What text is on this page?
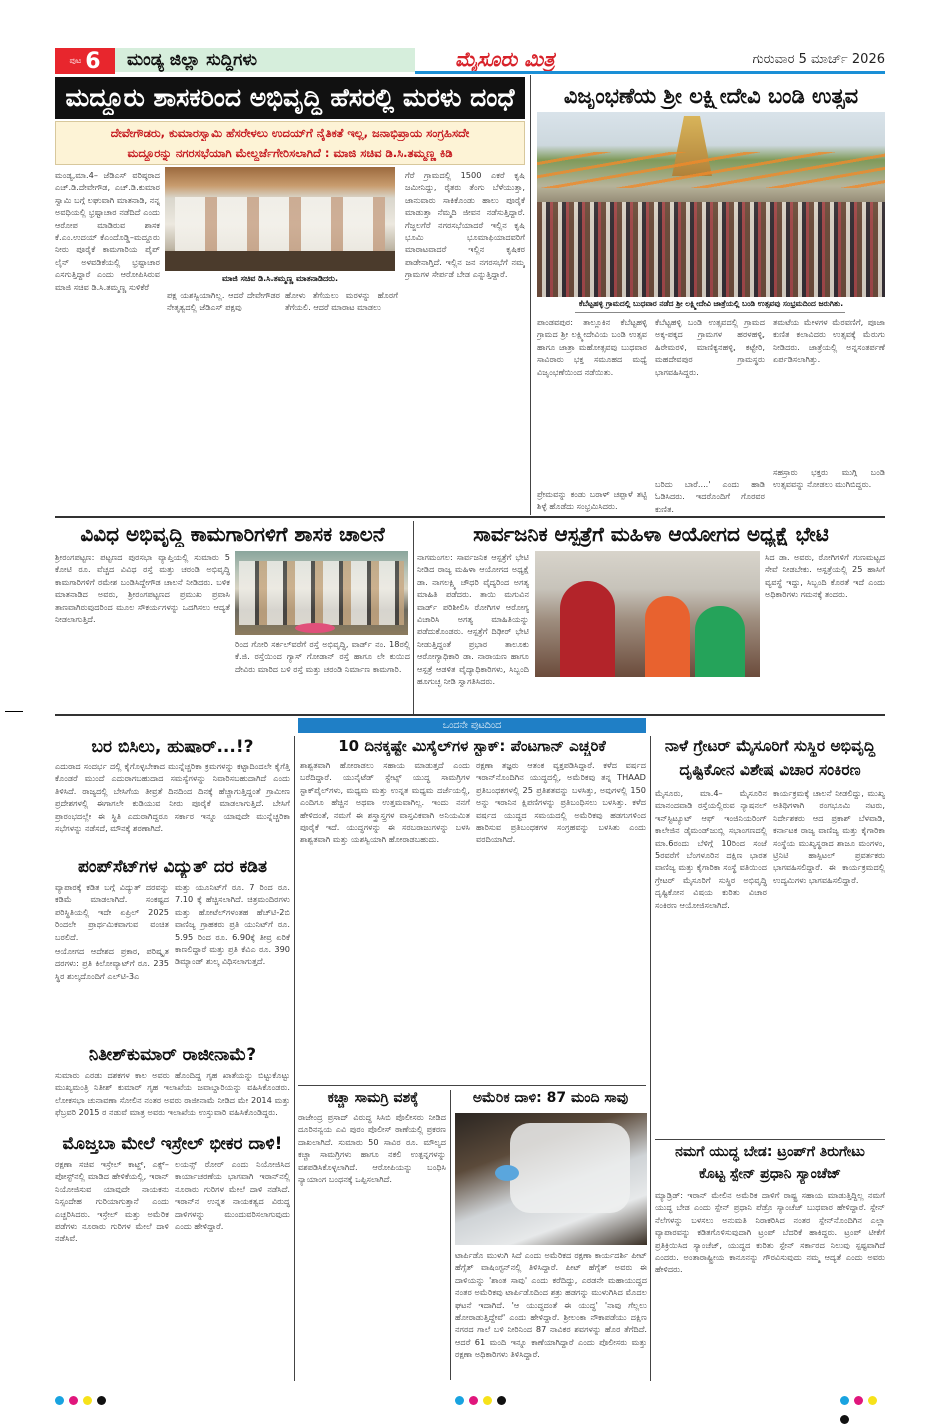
ಪುಟ 6	ಮಂಡ್ಯ ಜಿಲ್ಲಾ ಸುದ್ದಿಗಳು	ಮೈಸೂರು ಮಿತ್ರ	ಗುರುವಾರ 5 ಮಾರ್ಚ್ 2026
ಮದ್ದೂರು ಶಾಸಕರಿಂದ ಅಭಿವೃದ್ಧಿ ಹೆಸರಲ್ಲಿ ಮರಳು ದಂಧೆ
ದೇವೇಗೌಡರು, ಕುಮಾರಸ್ವಾಮಿ ಹೆಸರೇಳಲು ಉದಯ್‌ಗೆ ನೈತಿಕತೆ ಇಲ್ಲ, ಜನಾಭಿಪ್ರಾಯ ಸಂಗ್ರಹಿಸದೇ
ಮದ್ದೂರನ್ನು ನಗರಸಭೆಯಾಗಿ ಮೇಲ್ದರ್ಜೆಗೇರಿಸಲಾಗಿದೆ : ಮಾಜಿ ಸಚಿವ ಡಿ.ಸಿ.ತಮ್ಮಣ್ಣ ಕಿಡಿ

ಮಂಡ್ಯ,ಮಾ.4– ಜೆಡಿಎಸ್ ವರಿಷ್ಠರಾದ ಎಚ್.ಡಿ.ದೇವೇಗೌಡ, ಎಚ್.ಡಿ.ಕುಮಾರ ಸ್ವಾಮಿ ಬಗ್ಗೆ ಲಘುವಾಗಿ ಮಾತನಾಡಿ, ನನ್ನ ಅವಧಿಯಲ್ಲಿ ಭ್ರಷ್ಟಾಚಾರ ನಡೆದಿದೆ ಎಂದು ಆರೋಪ ಮಾಡಿರುವ ಶಾಸಕ ಕೆ.ಎಂ.ಉದಯ್ ಕೆಎಂದೊಡ್ಡಿ–ಮದ್ದೂರು ನೀರು ಪೂರೈಕೆ ಕಾಮಗಾರಿಯ ಪೈಪ್ ಲೈನ್ ಅಳವಡಿಕೆಯಲ್ಲಿ ಭ್ರಷ್ಟಾಚಾರ ಎಸಗುತ್ತಿದ್ದಾರೆ ಎಂದು ಆರೋಪಿಸಿರುವ ಮಾಜಿ ಸಚಿವ ಡಿ.ಸಿ.ತಮ್ಮಣ್ಣ ಸುಳಿಕೆರೆ

ಮಾಜಿ ಸಚಿವ ಡಿ.ಸಿ.ತಮ್ಮಣ್ಣ ಮಾತನಾಡಿದರು.

ಪಕ್ಷ ಯಶಸ್ವಿಯಾಗಿಲ್ಲ. ಆದರೆ ದೇವೇಗೌಡರ ನೇತೃತ್ವದಲ್ಲಿ ಜೆಡಿಎಸ್ ಪಕ್ಷವು

ಹೋಳು ತೆಗೆಯಲು ಮರಳನ್ನು ಹೊರಗೆ ತೆಗೆಯಲಿ. ಆದರೆ ಮಾರಾಟ ಮಾಡಲು

ಗೆರೆ ಗ್ರಾಮದಲ್ಲಿ 1500 ಎಕರೆ ಕೃಷಿ ಜಮೀನಿದ್ದು, ರೈತರು ತೆಂಗು ಬೆಳೆಯುತ್ತಾ, ಜಾನುವಾರು ಸಾಕಿಕೊಂಡು ಹಾಲು ಪೂರೈಕೆ ಮಾಡುತ್ತಾ ನೆಮ್ಮದಿ ಜೀವನ ನಡೆಸುತ್ತಿದ್ದಾರೆ. ಗೆಜ್ಜಲಗೆರೆ ನಗರಸಭೆಯಾದರೆ ಇಲ್ಲಿನ ಕೃಷಿ ಭೂಮಿ ಭೂಮಾಫಿಯಾದವರಿಗೆ ಮಾರಾಟವಾದರೆ ಇಲ್ಲಿನ ಕೃಷಿಕರ ಪಾಡೇನಾಗ್ತಿದೆ. ಇಲ್ಲಿನ ಜನ ನಗರಸಭೆಗೆ ನಮ್ಮ ಗ್ರಾಮಗಳ ಸೇರ್ಪಡೆ ಬೇಡ ಎನ್ನುತ್ತಿದ್ದಾರೆ.

ವಿಜೃಂಭಣೆಯ ಶ್ರೀ ಲಕ್ಷ್ಮೀದೇವಿ ಬಂಡಿ ಉತ್ಸವ
ಕೆಬೆಟ್ಟಹಳ್ಳಿ ಗ್ರಾಮದಲ್ಲಿ ಬುಧವಾರ ನಡೆದ ಶ್ರೀ ಲಕ್ಷ್ಮೀದೇವಿ ಜಾತ್ರೆಯಲ್ಲಿ ಬಂಡಿ ಉತ್ಸವವು ಸಂಭ್ರಮದಿಂದ ಜರುಗಿತು.

ಪಾಂಡವಪುರ: ತಾಲ್ಲೂಕಿನ ಕೆಬೆಟ್ಟಹಳ್ಳಿ ಗ್ರಾಮದ ಶ್ರೀ ಲಕ್ಷ್ಮೀದೇವಿಯ ಬಂಡಿ ಉತ್ಸವ ಹಾಗೂ ಜಾತ್ರಾ ಮಹೋತ್ಸವವು ಬುಧವಾರ ಸಾವಿರಾರು ಭಕ್ತ ಸಮೂಹದ ಮಧ್ಯೆ ವಿಜೃಂಭಣೆಯಿಂದ ನಡೆಯಿತು.

ಪ್ರೇಮವನ್ನು ಕಂಡು ಬರಾಳ್ ಚಪ್ಪಾಳೆ ತಟ್ಟಿ ಶಿಳ್ಳೆ ಹೊಡೆದು ಸಂಭ್ರಮಿಸಿದರು.

ಕೆಬೆಟ್ಟಹಳ್ಳಿ ಬಂಡಿ ಉತ್ಸವದಲ್ಲಿ ಗ್ರಾಮದ ಅಕ್ಕ-ಪಕ್ಕದ ಗ್ರಾಮಗಳ ಹರಳಹಳ್ಳಿ, ಹಿರೇಮರಳಿ, ಮಾಣಿಕ್ಯನಹಳ್ಳಿ, ಕಟ್ಟೇರಿ, ಮಹದೇವಪುರ ಗ್ರಾಮಸ್ಥರು ಭಾಗವಹಿಸಿದ್ದರು.

ಬರಿದು ಬಾರೆ....' ಎಂದು ಹಾಡಿ ಓಡಿಸಿದರು. ಇದರೊಂದಿಗೆ ಗೊರವರ ಕುಣಿತ.

ತಮಟೆಯ ಮೇಳಗಳ ಮೆರವಣಿಗೆ, ಪೂಜಾ ಕುಣಿತ ಕಲಾವಿದರು ಉತ್ಸವಕ್ಕೆ ಮೆರುಗು ನೀಡಿದರು. ಜಾತ್ರೆಯಲ್ಲಿ ಅನ್ನಸಂತರ್ಪಣೆ ಏರ್ಪಡಿಸಲಾಗಿತ್ತು.

ಸಹಸ್ರಾರು ಭಕ್ತರು ಮುಗ್ಗಿ ಬಂಡಿ ಉತ್ಸವವನ್ನು ನೋಡಲು ಮುಗಿಬಿದ್ದರು.

ವಿವಿಧ ಅಭಿವೃದ್ಧಿ ಕಾಮಗಾರಿಗಳಿಗೆ ಶಾಸಕ ಚಾಲನೆ

ಶ್ರೀರಂಗಪಟ್ಟಣ: ಪಟ್ಟಣದ ಪುರಸಭಾ ವ್ಯಾಪ್ತಿಯಲ್ಲಿ ಸುಮಾರು 5 ಕೋಟಿ ರೂ. ವೆಚ್ಚದ ವಿವಿಧ ರಸ್ತೆ ಮತ್ತು ಚರಂಡಿ ಅಭಿವೃದ್ಧಿ ಕಾಮಗಾರಿಗಳಿಗೆ ರಮೇಶ ಬಂಡಿಸಿದ್ದೇಗೌಡ ಚಾಲನೆ ನೀಡಿದರು. ಬಳಿಕ ಮಾತನಾಡಿದ ಅವರು, ಶ್ರೀರಂಗಪಟ್ಟಣದ ಪ್ರಮುಖ ಪ್ರವಾಸಿ ತಾಣವಾಗಿರುವುದರಿಂದ ಮೂಲ ಸೌಕರ್ಯಗಳನ್ನು ಒದಗಿಸಲು ಆದ್ಯತೆ ನೀಡಲಾಗುತ್ತಿದೆ.

ರಿಂದ ಗೋರಿ ಸರ್ಕಲ್‌ವರೆಗೆ ರಸ್ತೆ ಅಭಿವೃದ್ಧಿ, ವಾರ್ಡ್ ನಂ. 18ರಲ್ಲಿ ಕೆ.ಜಿ. ರಸ್ತೆಯಿಂದ ಗ್ಯಾಸ್ ಗೋಡಾನ್ ರಸ್ತೆ ಹಾಗೂ ಲೇ ಕುಯಿದ ದೇವಿರು ಮಾರಿದ ಬಳಿ ರಸ್ತೆ ಮತ್ತು ಚರಂಡಿ ನಿರ್ಮಾಣ ಕಾಮಗಾರಿ.

ಸಾರ್ವಜನಿಕ ಆಸ್ಪತ್ರೆಗೆ ಮಹಿಳಾ ಆಯೋಗದ ಅಧ್ಯಕ್ಷೆ ಭೇಟಿ

ನಾಗಮಂಗಲ: ಸಾರ್ವಜನಿಕ ಆಸ್ಪತ್ರೆಗೆ ಭೇಟಿ ನೀಡಿದ ರಾಜ್ಯ ಮಹಿಳಾ ಆಯೋಗದ ಅಧ್ಯಕ್ಷೆ ಡಾ. ನಾಗಲಕ್ಷ್ಮಿ ಚೌಧರಿ ವೈದ್ಯರಿಂದ ಅಗತ್ಯ ಮಾಹಿತಿ ಪಡೆದರು. ತಾಯಿ ಮಗುವಿನ ವಾರ್ಡ್ ಪರಿಶೀಲಿಸಿ ರೋಗಿಗಳ ಆರೋಗ್ಯ ವಿಚಾರಿಸಿ ಅಗತ್ಯ ಮಾಹಿತಿಯನ್ನು ಪಡೆದುಕೊಂಡರು. ಆಸ್ಪತ್ರೆಗೆ ದಿಢೀರ್ ಭೇಟಿ ನೀಡುತ್ತಿದ್ದಂತೆ ಪ್ರಭಾರ ತಾಲೂಕು ಆರೋಗ್ಯಾಧಿಕಾರಿ ಡಾ. ನಾರಾಯಣ ಹಾಗೂ ಆಸ್ಪತ್ರೆ ಆಡಳಿತ ವೈದ್ಯಾಧಿಕಾರಿಗಳು, ಸಿಬ್ಬಂದಿ ಹೂಗುಚ್ಛ ನೀಡಿ ಸ್ವಾಗತಿಸಿದರು.

ಸಿದ ಡಾ. ಅವರು, ರೋಗಿಗಳಿಗೆ ಗುಣಮಟ್ಟದ ಸೇವೆ ನೀಡಬೇಕು. ಆಸ್ಪತ್ರೆಯಲ್ಲಿ 25 ಹಾಸಿಗೆ ವ್ಯವಸ್ಥೆ ಇದ್ದು, ಸಿಬ್ಬಂದಿ ಕೊರತೆ ಇದೆ ಎಂದು ಅಧಿಕಾರಿಗಳು ಗಮನಕ್ಕೆ ತಂದರು.

ಒಂದನೇ ಪುಟದಿಂದ
ಬರ ಬಿಸಿಲು, ಹುಷಾರ್...!?

ಎದುರಾದ ಸಂದರ್ಭ ದಲ್ಲಿ ಕೈಗೊಳ್ಳಬೇಕಾದ ಮುನ್ನೆಚ್ಚರಿಕಾ ಕ್ರಮಗಳನ್ನು ಕಟ್ಟಾದಿಂದಲೇ ಕೈಗೆತ್ತಿ ಕೊಂಡರೆ ಮುಂದೆ ಎದುರಾಗಬಹುದಾದ ಸಮಸ್ಯೆಗಳನ್ನು ನಿವಾರಿಸಬಹುದಾಗಿದೆ ಎಂದು ತಿಳಿಸಿದೆ. ರಾಜ್ಯದಲ್ಲಿ ಬೇಸಿಗೆಯ ತೀವ್ರತೆ ದಿನದಿಂದ ದಿನಕ್ಕೆ ಹೆಚ್ಚಾಗುತ್ತಿದ್ದಂತೆ ಗ್ರಾಮೀಣ ಪ್ರದೇಶಗಳಲ್ಲಿ ಈಗಾಗಲೇ ಕುಡಿಯುವ ನೀರು ಪೂರೈಕೆ ಮಾಡಲಾಗುತ್ತಿದೆ. ಬೇಸಿಗೆ ಪ್ರಾರಂಭದಲ್ಲೇ ಈ ಸ್ಥಿತಿ ಎದುರಾಗಿದ್ದರೂ ಸರ್ಕಾರ ಇನ್ನೂ ಯಾವುದೇ ಮುನ್ನೆಚ್ಚರಿಕಾ ಸಭೆಗಳನ್ನು ನಡೆಸದೆ, ಮೌನಕ್ಕೆ ಶರಣಾಗಿದೆ.

ಪಂಪ್‌ಸೆಟ್‌ಗಳ ವಿದ್ಯುತ್ ದರ ಕಡಿತ

ವ್ಯಾಪಾರಕ್ಕೆ ಕಡಿತ ಬಗ್ಗೆ ವಿದ್ಯುತ್ ದರವನ್ನು ಕಡಿಮೆ ಮಾಡಲಾಗಿದೆ. ಸಂಕಷ್ಟದ ಪರಿಸ್ಥಿತಿಯಲ್ಲಿ ಇದೇ ಏಪ್ರಿಲ್ 2025 ರಿಂದಲೇ ಪ್ರಾರ್ಥಮಿಕವಾಗುವ ವಂಚಿತ ಬರಲಿದೆ.

ಆಯೋಗದ ಆದೇಶದ ಪ್ರಕಾರ, ಪರಿಷ್ಕೃತ ದರಗಳು: ಪ್ರತಿ ಕಿಲೋವ್ಯಾಟ್‌ಗೆ ರೂ. 235 ಸ್ಥಿರ ಶುಲ್ಕದೊಂದಿಗೆ ಎಲ್‌ಟಿ-3ಎ

ಮತ್ತು ಯೂನಿಟ್‌ಗೆ ರೂ. 7 ರಿಂದ ರೂ. 7.10 ಕ್ಕೆ ಹೆಚ್ಚಿಸಲಾಗಿದೆ. ಚಿತ್ರಮಂದಿರಗಳು ಮತ್ತು ಹೋಟೆಲ್‌ಗಳಂತಹ ಹೆಚ್‌ಟಿ-2ಬಿ ವಾಣಿಜ್ಯ ಗ್ರಾಹಕರು ಪ್ರತಿ ಯುನಿಟ್‌ಗೆ ರೂ. 5.95 ರಿಂದ ರೂ. 6.90ಕ್ಕೆ ತೀವ್ರ ಏರಿಕೆ ಕಾಣಲಿದ್ದಾರೆ ಮತ್ತು ಪ್ರತಿ ಕೆವಿಎ ರೂ. 390 ಡಿಮ್ಯಾಂಡ್ ಶುಲ್ಕ ವಿಧಿಸಲಾಗುತ್ತದೆ.

ನಿತೀಶ್‌ಕುಮಾರ್ ರಾಜೀನಾಮೆ?

ಸುಮಾರು ಎರಡು ದಶಕಗಳ ಕಾಲ ಅವರು ಹೊಂದಿದ್ದ ಗೃಹ ಖಾತೆಯನ್ನು ಬಿಟ್ಟುಕೊಟ್ಟು ಮುಖ್ಯಮಂತ್ರಿ ನಿತೀಶ್ ಕುಮಾರ್ ಗೃಹ ಇಲಾಖೆಯ ಜವಾಬ್ದಾರಿಯನ್ನು ವಹಿಸಿಕೊಂಡರು. ಲೋಕಸಭಾ ಚುನಾವಣಾ ಸೋಲಿನ ನಂತರ ಅವರು ರಾಜೀನಾಮೆ ನೀಡಿದ ಮೇ 2014 ಮತ್ತು ಫೆಬ್ರವರಿ 2015 ರ ನಡುವೆ ಮಾತ್ರ ಅವರು ಇಲಾಖೆಯ ಉಸ್ತುವಾರಿ ವಹಿಸಿಕೊಂಡಿದ್ದರು.

ಮೊಜ್ತಬಾ ಮೇಲೆ ಇಸ್ರೇಲ್ ಭೀಕರ ದಾಳಿ!

ರಕ್ಷಣಾ ಸಚಿವ ಇಸ್ರೇಲ್ ಕಾಟ್ಜ್, ಎಕ್ಸ್–ಪೋಸ್ಟ್‌ನಲ್ಲಿ ಮಾಡಿದ ಹೇಳಿಕೆಯಲ್ಲಿ, ಇರಾನ್ ನಿಯೋಜಿಸುವ ಯಾವುದೇ ನಾಯಕನು ನಿಸ್ಸಂದೇಹ ಗುರಿಯಾಗುತ್ತಾನೆ ಎಂದು ಎಚ್ಚರಿಸಿದರು. ಇಸ್ರೇಲ್ ಮತ್ತು ಅಮೆರಿಕ ಪಡೆಗಳು ನೂರಾರು ಗುರಿಗಳ ಮೇಲೆ ದಾಳಿ ನಡೆಸಿವೆ.

ಲಯನ್ಸ್ ರೋರ್ ಎಂದು ನಿಯೋಜಿಸಿದ ಕಾರ್ಯಾಚರಣೆಯ ಭಾಗವಾಗಿ ಇರಾನ್‌ನಲ್ಲಿ ನೂರಾರು ಗುರಿಗಳ ಮೇಲೆ ದಾಳಿ ನಡೆಸಿದೆ. ಇರಾನ್‌ನ ಉನ್ನತ ನಾಯಕತ್ವದ ವಿರುದ್ಧ ದಾಳಿಗಳನ್ನು ಮುಂದುವರಿಸಲಾಗುವುದು ಎಂದು ಹೇಳಿದ್ದಾರೆ.

10 ದಿನಕ್ಕಷ್ಟೇ ಮಿಸೈಲ್‌ಗಳ ಸ್ಟಾಕ್: ಪೆಂಟಗಾನ್ ಎಚ್ಚರಿಕೆ

ಶಾಶ್ವತವಾಗಿ ಹೋರಾಡಲು ಸಹಾಯ ಮಾಡುತ್ತದೆ ಎಂದು ಬರೆದಿದ್ದಾರೆ. ಯುನೈಟೆಡ್ ಸ್ಟೇಟ್ಸ್ ಯುದ್ಧ ಸಾಮಗ್ರಿಗಳ ಸ್ಟಾಕ್‌ಪೈಲ್‌ಗಳು, ಮಧ್ಯಮ ಮತ್ತು ಉನ್ನತ ಮಧ್ಯಮ ದರ್ಜೆಯಲ್ಲಿ, ಎಂದಿಗೂ ಹೆಚ್ಚಿನ ಅಥವಾ ಉತ್ತಮವಾಗಿಲ್ಲ. ಇಂದು ನನಗೆ ಹೇಳಿದಂತೆ, ನಮಗೆ ಈ ಶಸ್ತ್ರಾಸ್ತ್ರಗಳ ವಾಸ್ತವಿಕವಾಗಿ ಅನಿಯಮಿತ ಪೂರೈಕೆ ಇದೆ. ಯುದ್ಧಗಳನ್ನು ಈ ಸರಬರಾಜುಗಳನ್ನು ಬಳಸಿ ಶಾಶ್ವತವಾಗಿ ಮತ್ತು ಯಶಸ್ವಿಯಾಗಿ ಹೋರಾಡಬಹುದು.

ರಕ್ಷಣಾ ತಜ್ಞರು ಆತಂಕ ವ್ಯಕ್ತಪಡಿಸಿದ್ದಾರೆ. ಕಳೆದ ವರ್ಷದ ಇರಾನ್‌ನೊಂದಿಗಿನ ಯುದ್ಧದಲ್ಲಿ, ಅಮೆರಿಕವು ತನ್ನ THAAD ಪ್ರತಿಬಂಧಕಗಳಲ್ಲಿ 25 ಪ್ರತಿಶತವನ್ನು ಬಳಸಿತ್ತು, ಅವುಗಳಲ್ಲಿ 150 ಅನ್ನು ಇರಾನಿನ ಕ್ಷಿಪಣಿಗಳನ್ನು ಪ್ರತಿಬಂಧಿಸಲು ಬಳಸಿತ್ತು. ಕಳೆದ ವರ್ಷದ ಯುದ್ಧದ ಸಮಯದಲ್ಲಿ ಅಮೆರಿಕವು ಹಡಗುಗಳಿಂದ ಹಾರಿಸುವ ಪ್ರತಿಬಂಧಕಗಳ ಸಂಗ್ರಹವನ್ನು ಬಳಸಿತು ಎಂದು ವರದಿಯಾಗಿದೆ.

ಕಚ್ಚಾ ಸಾಮಗ್ರಿ ವಶಕ್ಕೆ

ರಾಜೇಂದ್ರ ಪ್ರಸಾದ್ ವಿರುದ್ಧ ಸಿಸಿಬಿ ಪೊಲೀಸರು ನೀಡಿದ ದೂರಿನನ್ವಯ ಎವಿ ಪುರಂ ಪೊಲೀಸ್ ಠಾಣೆಯಲ್ಲಿ ಪ್ರಕರಣ ದಾಖಲಾಗಿದೆ. ಸುಮಾರು 50 ಸಾವಿರ ರೂ. ಮೌಲ್ಯದ ಕಚ್ಚಾ ಸಾಮಗ್ರಿಗಳು ಹಾಗೂ ನಕಲಿ ಉತ್ಪನ್ನಗಳನ್ನು ವಶಪಡಿಸಿಕೊಳ್ಳಲಾಗಿದೆ. ಆರೋಪಿಯನ್ನು ಬಂಧಿಸಿ ನ್ಯಾಯಾಂಗ ಬಂಧನಕ್ಕೆ ಒಪ್ಪಿಸಲಾಗಿದೆ.

ಅಮೆರಿಕ ದಾಳಿ: 87 ಮಂದಿ ಸಾವು

ಟಾರ್ಪಿಡೊ ಮುಳುಗಿ ಸಿದೆ ಎಂದು ಅಮೆರಿಕದ ರಕ್ಷಣಾ ಕಾರ್ಯದರ್ಶಿ ಪೀಟ್ ಹೆಗ್ಸೆತ್ ವಾಷಿಂಗ್ಟನ್‌ನಲ್ಲಿ ತಿಳಿಸಿದ್ದಾರೆ. ಪೀಟ್ ಹೆಗ್ಸೆತ್ ಅವರು ಈ ದಾಳಿಯನ್ನು 'ಶಾಂತ ಸಾವು' ಎಂದು ಕರೆದಿದ್ದು, ಎರಡನೇ ಮಹಾಯುದ್ಧದ ನಂತರ ಅಮೆರಿಕವು ಟಾರ್ಪಿಡೊದಿಂದ ಶತ್ರು ಹಡಗನ್ನು ಮುಳುಗಿಸಿದ ಮೊದಲ ಘಟನೆ ಇದಾಗಿದೆ. 'ಆ ಯುದ್ಧದಂತೆ ಈ ಯುದ್ಧ' 'ನಾವು ಗೆಲ್ಲಲು ಹೋರಾಡುತ್ತಿದ್ದೇವೆ' ಎಂದು ಹೇಳಿದ್ದಾರೆ. ಶ್ರೀಲಂಕಾ ನೌಕಾಪಡೆಯು ದಕ್ಷಿಣ ನಗರದ ಗಾಲೆ ಬಳಿ ನೀರಿನಿಂದ 87 ನಾವಿಕರ ಶವಗಳನ್ನು ಹೊರ ತೆಗೆದಿದೆ. ಆದರೆ 61 ಮಂದಿ ಇನ್ನೂ ಕಾಣೆಯಾಗಿದ್ದಾರೆ ಎಂದು ಪೊಲೀಸರು ಮತ್ತು ರಕ್ಷಣಾ ಅಧಿಕಾರಿಗಳು ತಿಳಿಸಿದ್ದಾರೆ.

ನಾಳೆ ಗ್ರೇಟರ್ ಮೈಸೂರಿಗೆ ಸುಸ್ಥಿರ ಅಭಿವೃದ್ಧಿ
ದೃಷ್ಟಿಕೋನ ವಿಶೇಷ ವಿಚಾರ ಸಂಕಿರಣ

ಮೈಸೂರು, ಮಾ.4– ಮೈಸೂರಿನ ಮಾನಂದವಾಡಿ ರಸ್ತೆಯಲ್ಲಿರುವ ನ್ಯಾಷನಲ್ ಇನ್‌ಸ್ಟಿಟ್ಯೂಟ್ ಆಫ್ ಇಂಜಿನಿಯರಿಂಗ್ ಕಾಲೇಜಿನ ಡೈಮಂಡ್‌ಜುಬ್ಲಿ ಸಭಾಂಗಣದಲ್ಲಿ ಮಾ.6ರಂದು ಬೆಳಿಗ್ಗೆ 10ರಿಂದ ಸಂಜೆ 5ರವರೆಗೆ ಬೆಂಗಳೂರಿನ ದಕ್ಷಿಣ ಭಾರತ ವಾಣಿಜ್ಯ ಮತ್ತು ಕೈಗಾರಿಕಾ ಸಂಸ್ಥೆ ವತಿಯಿಂದ ಗ್ರೇಟರ್ ಮೈಸೂರಿಗೆ ಸುಸ್ಥಿರ ಅಭಿವೃದ್ಧಿ ದೃಷ್ಟಿಕೋನ ವಿಷಯ ಕುರಿತು ವಿಚಾರ ಸಂಕಿರಣ ಆಯೋಜಿಸಲಾಗಿದೆ.

ಕಾರ್ಯಕ್ರಮಕ್ಕೆ ಚಾಲನೆ ನೀಡಲಿದ್ದು, ಮುಖ್ಯ ಅತಿಥಿಗಳಾಗಿ ರಂಗಭೂಮಿ ನಟರು, ನಿರ್ದೇಶಕರು ಆದ ಪ್ರಕಾಶ್ ಬೆಳವಾಡಿ, ಕರ್ನಾಟಕ ರಾಜ್ಯ ವಾಣಿಜ್ಯ ಮತ್ತು ಕೈಗಾರಿಕಾ ಸಂಸ್ಥೆಯ ಮುಖ್ಯಸ್ಥರಾದ ಶಾಜೂ ಮಂಗಳಂ, ಟ್ರಿನಿಟಿ ಹಾಸ್ಪಿಟಲ್ ಪ್ರವರ್ತಕರು ಭಾಗವಹಿಸಲಿದ್ದಾರೆ. ಈ ಕಾರ್ಯಕ್ರಮದಲ್ಲಿ ಉದ್ಯಮಿಗಳು ಭಾಗವಹಿಸಲಿದ್ದಾರೆ.

ನಮಗೆ ಯುದ್ಧ ಬೇಡ: ಟ್ರಂಪ್‌ಗೆ ತಿರುಗೇಟು
ಕೊಟ್ಟ ಸ್ಪೇನ್ ಪ್ರಧಾನಿ ಸ್ಯಾಂಚೆಜ್

ಮ್ಯಾಡ್ರಿಡ್: ಇರಾನ್ ಮೇಲಿನ ಅಮೆರಿಕ ದಾಳಿಗೆ ರಾಷ್ಟ್ರ ಸಹಾಯ ಮಾಡುತ್ತಿದ್ದಿಲ್ಲ ನಮಗೆ ಯುದ್ಧ ಬೇಡ ಎಂದು ಸ್ಪೇನ್ ಪ್ರಧಾನಿ ಪೆಡ್ರೊ ಸ್ಯಾಂಚೆಜ್ ಬುಧವಾರ ಹೇಳಿದ್ದಾರೆ. ಸ್ಪೇನ್ ನೆಲೆಗಳನ್ನು ಬಳಸಲು ಅನುಮತಿ ನಿರಾಕರಿಸಿದ ನಂತರ ಸ್ಪೇನ್‌ನೊಂದಿಗಿನ ಎಲ್ಲಾ ವ್ಯಾಪಾರವನ್ನು ಕಡಿತಗೊಳಿಸುವುದಾಗಿ ಟ್ರಂಪ್ ಬೆದರಿಕೆ ಹಾಕಿದ್ದರು. ಟ್ರಂಪ್ ಟೀಕೆಗೆ ಪ್ರತಿಕ್ರಿಯಿಸಿದ ಸ್ಯಾಂಚೆಜ್, ಯುದ್ಧದ ಕುರಿತು ಸ್ಪೇನ್ ಸರ್ಕಾರದ ನಿಲುವು ಸ್ಪಷ್ಟವಾಗಿದೆ ಎಂದರು. ಅಂತಾರಾಷ್ಟ್ರೀಯ ಕಾನೂನನ್ನು ಗೌರವಿಸುವುದು ನಮ್ಮ ಆದ್ಯತೆ ಎಂದು ಅವರು ಹೇಳಿದರು.
